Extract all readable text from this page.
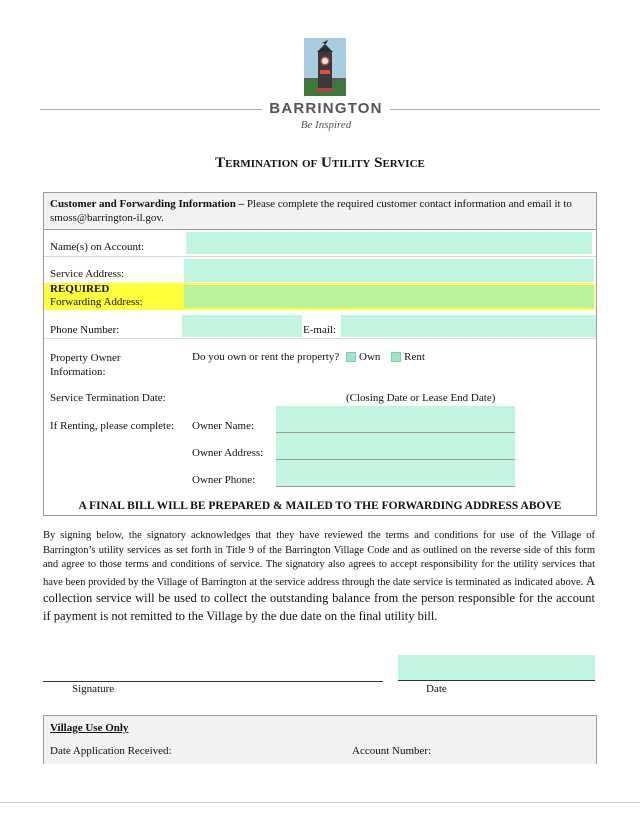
BARRINGTON
Be Inspired
Termination of Utility Service
Customer and Forwarding Information – Please complete the required customer contact information and email it to smoss@barrington-il.gov.
Name(s) on Account:
Service Address:
REQUIRED
Forwarding Address:
Phone Number:	E-mail:
Property Owner Information:
Do you own or rent the property? Own Rent
Service Termination Date:	(Closing Date or Lease End Date)
If Renting, please complete: Owner Name:
Owner Address:
Owner Phone:
A FINAL BILL WILL BE PREPARED & MAILED TO THE FORWARDING ADDRESS ABOVE
By signing below, the signatory acknowledges that they have reviewed the terms and conditions for use of the Village of Barrington’s utility services as set forth in Title 9 of the Barrington Village Code and as outlined on the reverse side of this form and agree to those terms and conditions of service. The signatory also agrees to accept responsibility for the utility services that have been provided by the Village of Barrington at the service address through the date service is terminated as indicated above. A collection service will be used to collect the outstanding balance from the person responsible for the account if payment is not remitted to the Village by the due date on the final utility bill.
Signature	Date
Village Use Only
Date Application Received:	Account Number:
